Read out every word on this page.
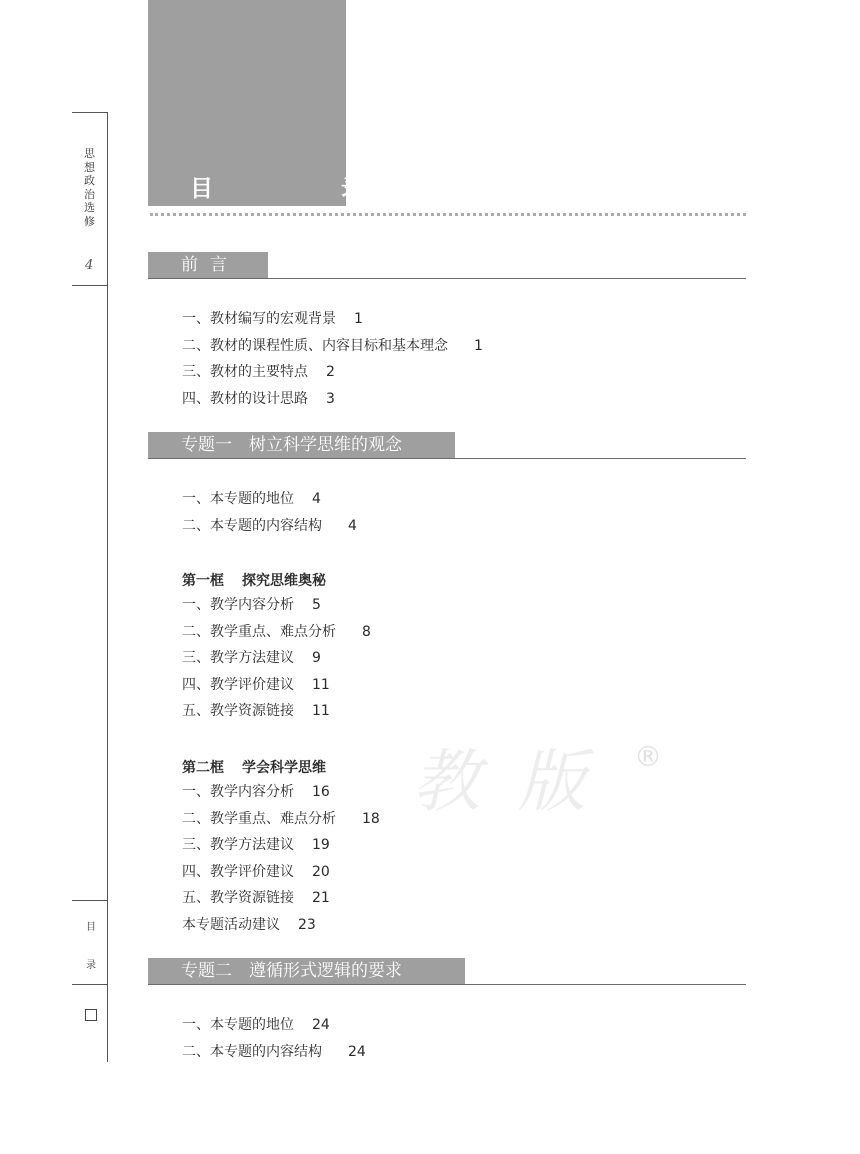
思想政治选修
4
目
录
目 录
前言
一、教材编写的宏观背景 1
二、教材的课程性质、内容目标和基本理念 1
三、教材的主要特点 2
四、教材的设计思路 3
专题一　树立科学思维的观念
一、本专题的地位 4
二、本专题的内容结构 4
第一框 探究思维奥秘
一、教学内容分析 5
二、教学重点、难点分析 8
三、教学方法建议 9
四、教学评价建议 11
五、教学资源链接 11
第二框 学会科学思维
一、教学内容分析 16
二、教学重点、难点分析 18
三、教学方法建议 19
四、教学评价建议 20
五、教学资源链接 21
本专题活动建议 23
专题二　遵循形式逻辑的要求
一、本专题的地位 24
二、本专题的内容结构 24
教 版 ®
